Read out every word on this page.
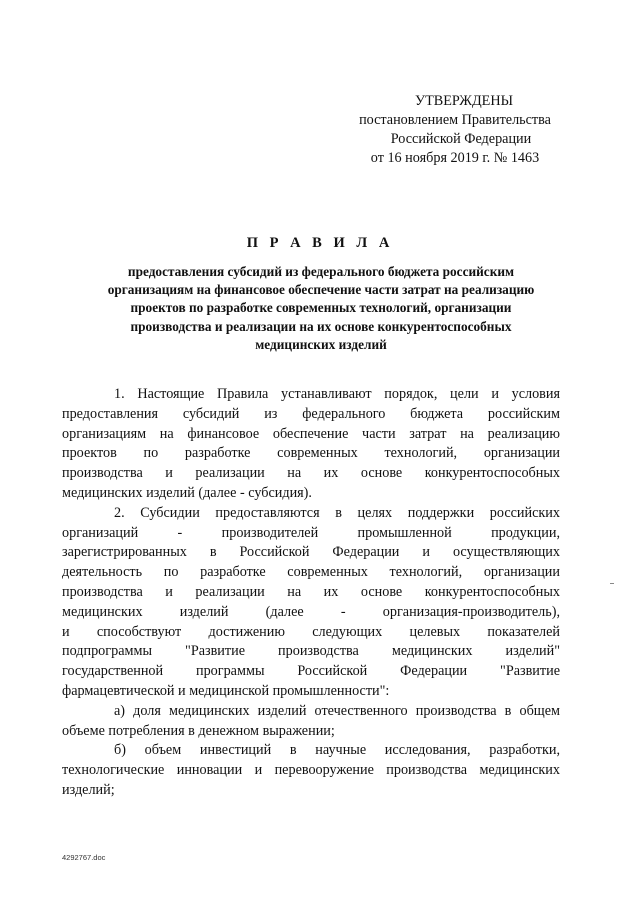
УТВЕРЖДЕНЫ
постановлением Правительства
Российской Федерации
от 16 ноября 2019 г. № 1463
П Р А В И Л А
предоставления субсидий из федерального бюджета российским
организациям на финансовое обеспечение части затрат на реализацию
проектов по разработке современных технологий, организации
производства и реализации на их основе конкурентоспособных
медицинских изделий
1. Настоящие Правила устанавливают порядок, цели и условия
предоставления субсидий из федерального бюджета российским
организациям на финансовое обеспечение части затрат на реализацию
проектов по разработке современных технологий, организации
производства и реализации на их основе конкурентоспособных
медицинских изделий (далее - субсидия).
2. Субсидии предоставляются в целях поддержки российских
организаций - производителей промышленной продукции,
зарегистрированных в Российской Федерации и осуществляющих
деятельность по разработке современных технологий, организации
производства и реализации на их основе конкурентоспособных
медицинских изделий (далее - организация-производитель),
и способствуют достижению следующих целевых показателей
подпрограммы "Развитие производства медицинских изделий"
государственной программы Российской Федерации "Развитие
фармацевтической и медицинской промышленности":
а) доля медицинских изделий отечественного производства в общем
объеме потребления в денежном выражении;
б) объем инвестиций в научные исследования, разработки,
технологические инновации и перевооружение производства медицинских
изделий;
4292767.doc
